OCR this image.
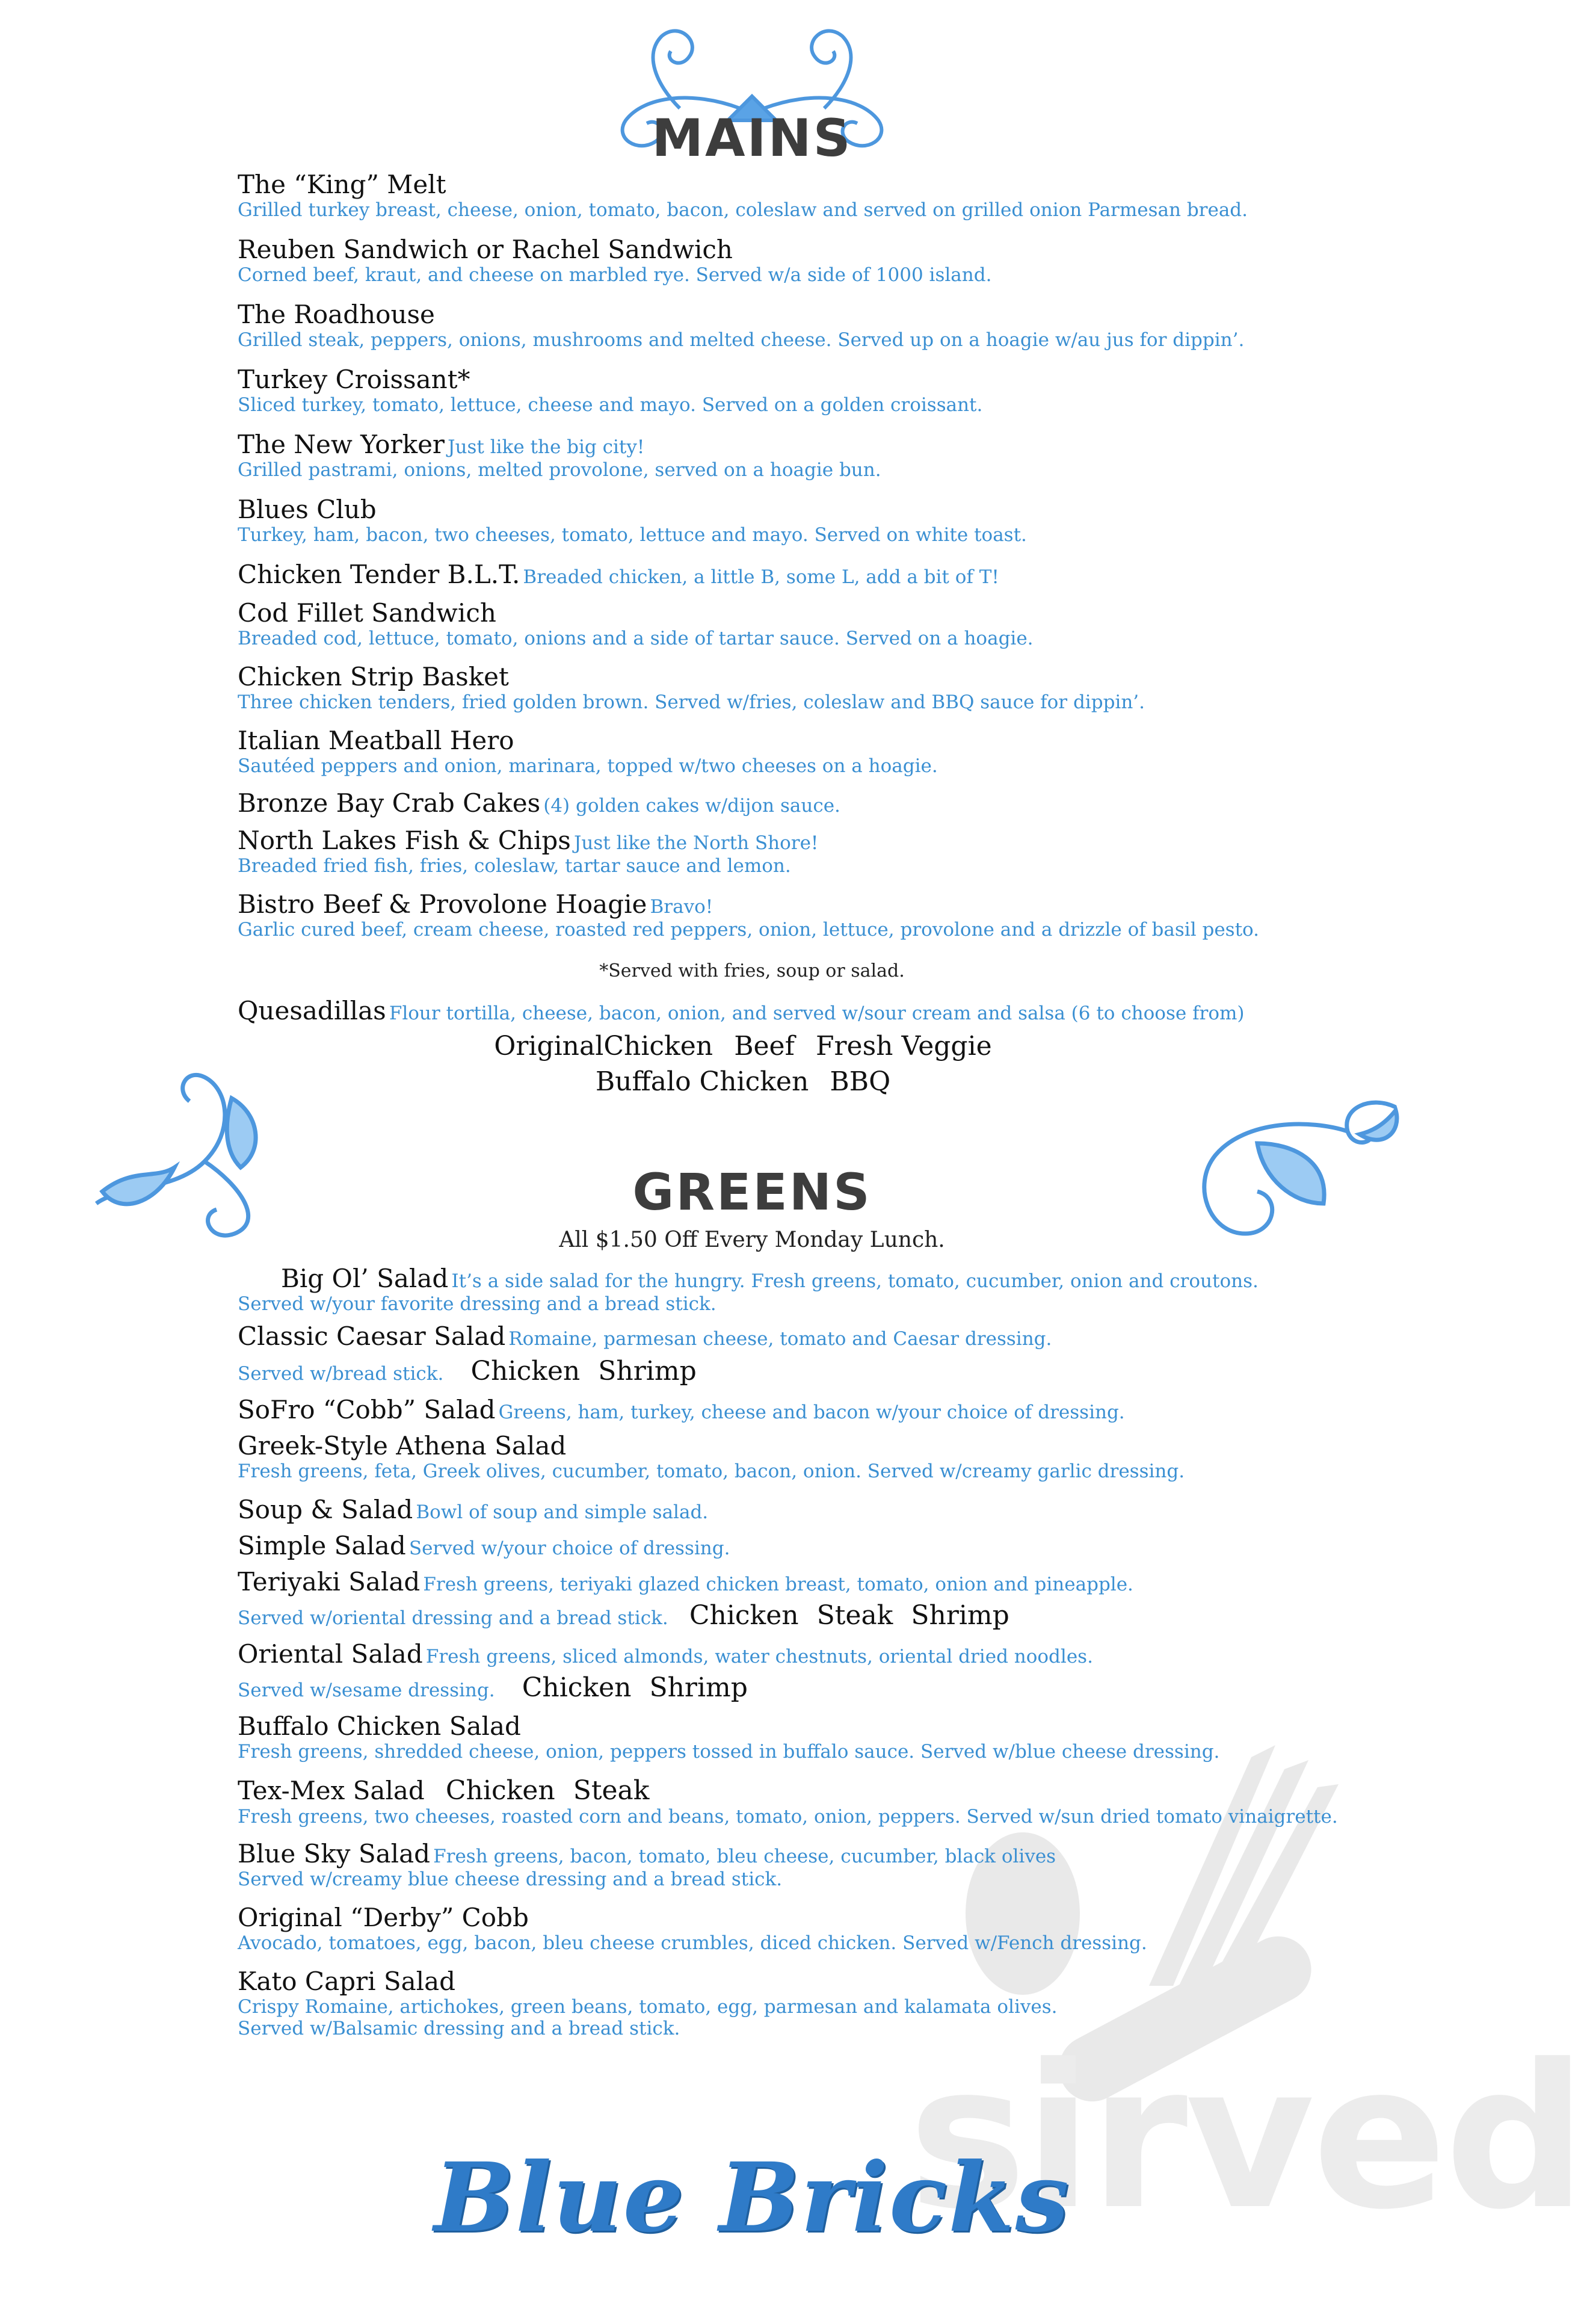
sirved
MAINS
The “King” Melt
Grilled turkey breast, cheese, onion, tomato, bacon, coleslaw and served on grilled onion Parmesan bread.
Reuben Sandwich or Rachel Sandwich
Corned beef, kraut, and cheese on marbled rye. Served w/a side of 1000 island.
The Roadhouse
Grilled steak, peppers, onions, mushrooms and melted cheese. Served up on a hoagie w/au jus for dippin’.
Turkey Croissant*
Sliced turkey, tomato, lettuce, cheese and mayo. Served on a golden croissant.
The New Yorker Just like the big city!
Grilled pastrami, onions, melted provolone, served on a hoagie bun.
Blues Club
Turkey, ham, bacon, two cheeses, tomato, lettuce and mayo. Served on white toast.
Chicken Tender B.L.T. Breaded chicken, a little B, some L, add a bit of T!
Cod Fillet Sandwich
Breaded cod, lettuce, tomato, onions and a side of tartar sauce. Served on a hoagie.
Chicken Strip Basket
Three chicken tenders, fried golden brown. Served w/fries, coleslaw and BBQ sauce for dippin’.
Italian Meatball Hero
Sautéed peppers and onion, marinara, topped w/two cheeses on a hoagie.
Bronze Bay Crab Cakes (4) golden cakes w/dijon sauce.
North Lakes Fish & Chips Just like the North Shore!
Breaded fried fish, fries, coleslaw, tartar sauce and lemon.
Bistro Beef & Provolone Hoagie Bravo!
Garlic cured beef, cream cheese, roasted red peppers, onion, lettuce, provolone and a drizzle of basil pesto.
*Served with fries, soup or salad.
Quesadillas Flour tortilla, cheese, bacon, onion, and served w/sour cream and salsa (6 to choose from)
OriginalChicken Beef Fresh Veggie
Buffalo Chicken BBQ
GREENS
All $1.50 Off Every Monday Lunch.
Big Ol’ Salad It’s a side salad for the hungry. Fresh greens, tomato, cucumber, onion and croutons.
Served w/your favorite dressing and a bread stick.
Classic Caesar Salad Romaine, parmesan cheese, tomato and Caesar dressing.
Served w/bread stick. Chicken Shrimp
SoFro “Cobb” Salad Greens, ham, turkey, cheese and bacon w/your choice of dressing.
Greek-Style Athena Salad
Fresh greens, feta, Greek olives, cucumber, tomato, bacon, onion. Served w/creamy garlic dressing.
Soup & Salad Bowl of soup and simple salad.
Simple Salad Served w/your choice of dressing.
Teriyaki Salad Fresh greens, teriyaki glazed chicken breast, tomato, onion and pineapple.
Served w/oriental dressing and a bread stick. Chicken Steak Shrimp
Oriental Salad Fresh greens, sliced almonds, water chestnuts, oriental dried noodles.
Served w/sesame dressing. Chicken Shrimp
Buffalo Chicken Salad
Fresh greens, shredded cheese, onion, peppers tossed in buffalo sauce. Served w/blue cheese dressing.
Tex-Mex Salad Chicken Steak
Fresh greens, two cheeses, roasted corn and beans, tomato, onion, peppers. Served w/sun dried tomato vinaigrette.
Blue Sky Salad Fresh greens, bacon, tomato, bleu cheese, cucumber, black olives
Served w/creamy blue cheese dressing and a bread stick.
Original “Derby” Cobb
Avocado, tomatoes, egg, bacon, bleu cheese crumbles, diced chicken. Served w/Fench dressing.
Kato Capri Salad
Crispy Romaine, artichokes, green beans, tomato, egg, parmesan and kalamata olives.
Served w/Balsamic dressing and a bread stick.
Blue Bricks
